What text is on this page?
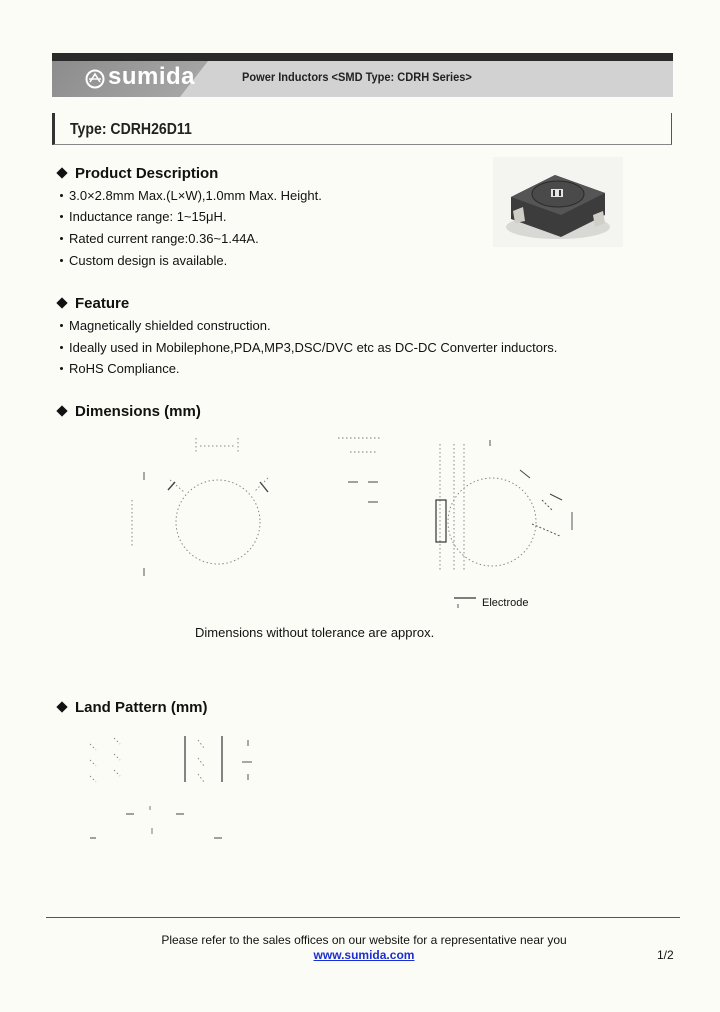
sumida	Power Inductors <SMD Type: CDRH Series>
Type: CDRH26D11
Product Description
3.0×2.8mm Max.(L×W),1.0mm Max. Height.
Inductance range: 1~15μH.
Rated current range:0.36~1.44A.
Custom design is available.
Feature
Magnetically shielded construction.
Ideally used in Mobilephone,PDA,MP3,DSC/DVC etc as DC-DC Converter inductors.
RoHS Compliance.
Dimensions (mm)
Electrode
Dimensions without tolerance are approx.
Land Pattern (mm)
Please refer to the sales offices on our website for a representative near you
www.sumida.com	1/2
